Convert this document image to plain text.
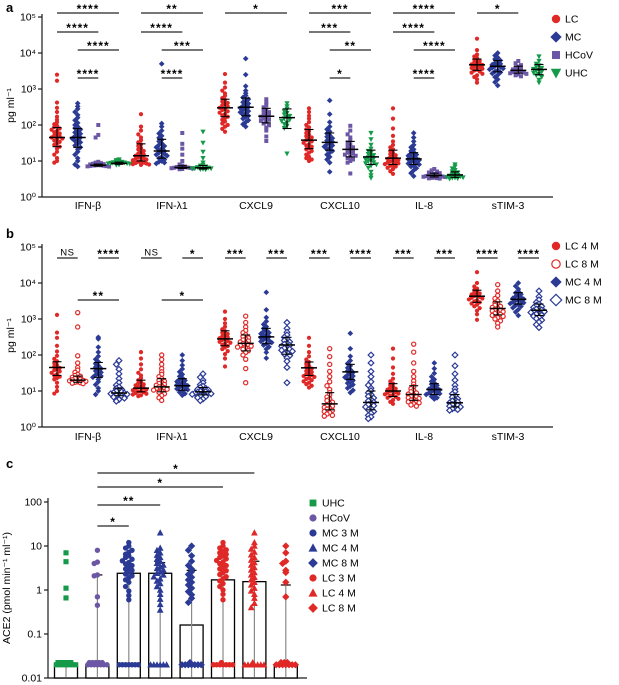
a
b
c
10⁰
10¹
10²
10³
10⁴
10⁵
pg ml⁻¹
IFN-β	IFN-λ1	CXCL9	CXCL10	IL-8	sTIM-3
****
****
****
****
**
****
***
****
*	***
***
**
*
****
****
****
****
*
LC
MC
HCoV
UHC
10⁰
10¹
10²
10³
10⁴
10⁵
pg ml⁻¹
IFN-β	IFN-λ1	CXCL9	CXCL10	IL-8	sTIM-3
NS ****
**
NS	*
*
*** *** *** **** *** *** **** ****
LC 4 M
LC 8 M
MC 4 M
MC 8 M
0.01
0.1
1
10
100
ACE2 (pmol min⁻¹ ml⁻¹)
*
*
**
*
UHC
HCoV
MC 3 M
MC 4 M
MC 8 M
LC 3 M
LC 4 M
LC 8 M
